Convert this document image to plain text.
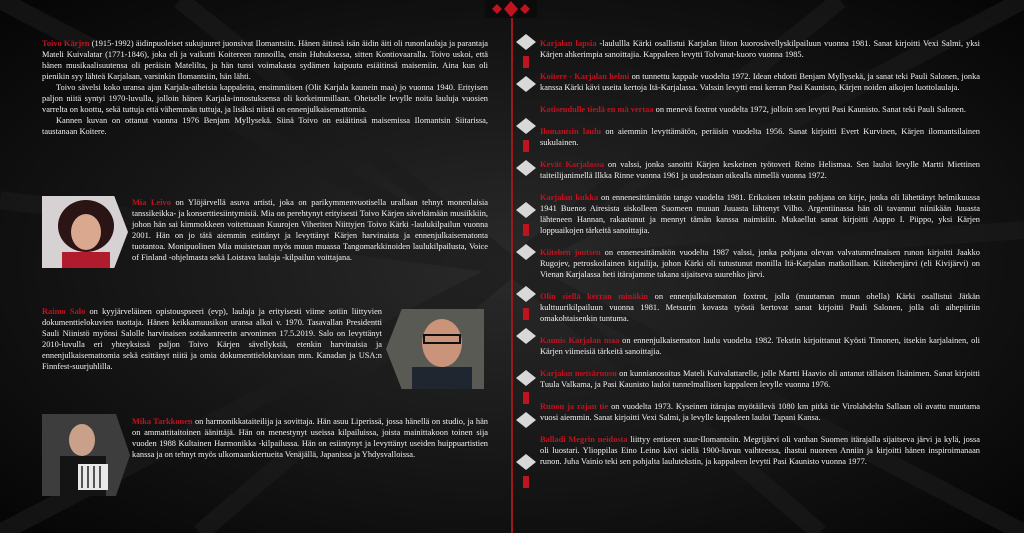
Toivo Kärjen (1915-1992) äidinpuoleiset sukujuuret juonsivat Ilomantsiin. Hänen äitinsä isän äidin äiti oli runonlaulaja ja parantaja Mateli Kuivalatar (1771-1846), joka eli ja vaikutti Koitereen rannoilla, ensin Huhuksessa, sitten Kontiovaaralla. Toivo uskoi, että hänen musikaalisuutensa oli peräisin Matelilta, ja hän tunsi voimakasta sydämen kaipuuta esiäitinsä maisemiin. Aina kun oli pienikin syy lähteä Karjalaan, varsinkin Ilomantsiin, hän lähti.

Toivo sävelsi koko uransa ajan Karjala-aiheisia kappaleita, ensimmäisen (Olit Karjala kaunein maa) jo vuonna 1940. Erityisen paljon niitä syntyi 1970-luvulla, jolloin hänen Karjala-innostuksensa oli korkeimmillaan. Oheiselle levylle noita lauluja vuosien varrelta on koottu, sekä tuttuja että vähemmän tuttuja, ja lisäksi niistä on ennenjulkaisemattomia.

Kannen kuvan on ottanut vuonna 1976 Benjam Myllysekä. Siinä Toivo on esiäitinsä maisemissa Ilomantsin Siitarissa, taustanaan Koitere.

Mia Leivo on Ylöjärvellä asuva artisti, joka on parikymmenvuotisella urallaan tehnyt monenlaisia tanssikeikka- ja konserttiesiintymisiä. Mia on perehtynyt erityisesti Toivo Kärjen säveltämään musiikkiin, johon hän sai kimmokkeen voitettuaan Kuurojen Viheriten Niittyjen Toivo Kärki -laulukilpailun vuonna 2001. Hän on jo tätä aiemmin esittänyt ja levyttänyt Kärjen harvinaista ja ennenjulkaisematonta tuotantoa. Monipuolinen Mia muistetaan myös muun muassa Tangomarkkinoiden laulukilpailusta, Voice of Finland -ohjelmasta sekä Loistava laulaja -kilpailun voittajana.

Raimo Salo on kyyjärveläinen opistouspseeri (evp), laulaja ja erityisesti viime sotiin liittyvien dokumenttielokuvien tuottaja. Hänen keikkamuusikon uransa alkoi v. 1970. Tasavallan Presidentti Sauli Niinistö myönsi Salolle harvinaisen sotakamreerin arvonimen 17.5.2019. Salo on levyttänyt 2010-luvulla eri yhteyksissä paljon Toivo Kärjen sävellyksiä, etenkin harvinaisia ja ennenjulkaisemattomia sekä esittänyt niitä ja omia dokumenttielokuviaan mm. Kanadan ja USA:n Finnfest-suurjuhlilla.

Mika Tarkkonen on harmonikkataiteilija ja sovittaja. Hän asuu Liperissä, jossa hänellä on studio, ja hän on ammattitaitoinen äänittäjä. Hän on menestynyt useissa kilpailuissa, joista mainittakoon toinen sija vuoden 1988 Kultainen Harmonikka -kilpailussa. Hän on esiintynyt ja levyttänyt useiden huippuartistien kanssa ja on tehnyt myös ulkomaankiertueita Venäjällä, Japanissa ja Yhdysvalloissa.

Karjalan lapsia -laulullla Kärki osallistui Karjalan liiton kuorosävellyskilpailuun vuonna 1981. Sanat kirjoitti Vexi Salmi, yksi Kärjen ahkerimpia sanoittajia. Kappaleen levytti Tolvanat-kuoro vuonna 1985.

Koitere - Karjalan helmi on tunnettu kappale vuodelta 1972. Idean ehdotti Benjam Myllysekä, ja sanat teki Pauli Salonen, jonka kanssa Kärki kävi useita kertoja Itä-Karjalassa. Valssin levytti ensi kerran Pasi Kaunisto, Kärjen noiden aikojen luottolaulaja.

Kotiseudulle tiedä en mä vertaa on menevä foxtrot vuodelta 1972, jolloin sen levytti Pasi Kaunisto. Sanat teki Pauli Salonen.

Ilomantsin laulu on aiemmin levyttämätön, peräisin vuodelta 1956. Sanat kirjoitti Evert Kurvinen, Kärjen ilomantsilainen sukulainen.

Kevät Karjalassa on valssi, jonka sanoitti Kärjen keskeinen työtoveri Reino Helismaa. Sen lauloi levylle Martti Miettinen taiteilijanimellä Ilkka Rinne vuonna 1961 ja uudestaan oikealla nimellä vuonna 1972.

Karjalan kukka on ennenesittämätön tango vuodelta 1981. Erikoisen tekstin pohjana on kirje, jonka oli lähettänyt helmikuussa 1941 Buenos Airesista siskolleen Suomeen muuan Juuasta lähtenyt Vilho. Argentiinassa hän oli tavannut niinikään Juuasta lähteneen Hannan, rakastunut ja mennyt tämän kanssa naimisiin. Mukaellut sanat kirjoitti Aappo I. Piippo, yksi Kärjen loppuaikojen tärkeitä sanoittajia.

Kiitehen joutsen on ennenesittämätön vuodelta 1987 valssi, jonka pohjana olevan valvatunnelmaisen runon kirjoitti Jaakko Rugojev, petroskoilainen kirjailija, johon Kärki oli tutustunut monilla Itä-Karjalan matkoillaan. Kiitehenjärvi (eli Kivijärvi) on Vienan Karjalassa heti itärajamme takana sijaitseva suurehko järvi.

Olin siellä kerran minäkin on ennenjulkaisematon foxtrot, jolla (muutaman muun ohella) Kärki osallistui Jätkän kulttuurikilpailuun vuonna 1981. Metsurin kovasta työstä kertovat sanat kirjoitti Pauli Salonen, jolla oli aihepiiriin omakohtaisenkin tuntuma.

Kaunis Karjalan maa on ennenjulkaisematon laulu vuodelta 1982. Tekstin kirjoittanut Kyösti Timonen, itsekin karjalainen, oli Kärjen viimeisiä tärkeitä sanoittajia.

Karjalan metsäruusu on kunnianosoitus Mateli Kuivalattarelle, jolle Martti Haavio oli antanut tällaisen lisänimen. Sanat kirjoitti Tuula Valkama, ja Pasi Kaunisto lauloi tunnelmallisen kappaleen levylle vuonna 1976.

Runon ja rajan tie on vuodelta 1973. Kyseinen itärajaa myötäilevä 1080 km pitkä tie Virolahdelta Sallaan oli avattu muutama vuosi aiemmin. Sanat kirjoitti Vexi Salmi, ja levylle kappaleen lauloi Tapani Kansa.

Balladi Megrin neidosta liittyy entiseen suur-Ilomantsiin. Megrijärvi oli vanhan Suomen itärajalla sijaitseva järvi ja kylä, jossa oli luostari. Ylioppilas Eino Leino kävi siellä 1900-luvun vaihteessa, ihastui nuoreen Anniin ja kirjoitti hänen inspiroimanaan runon. Juha Vainio teki sen pohjalta laulutekstin, ja kappaleen levytti Pasi Kaunisto vuonna 1977.
